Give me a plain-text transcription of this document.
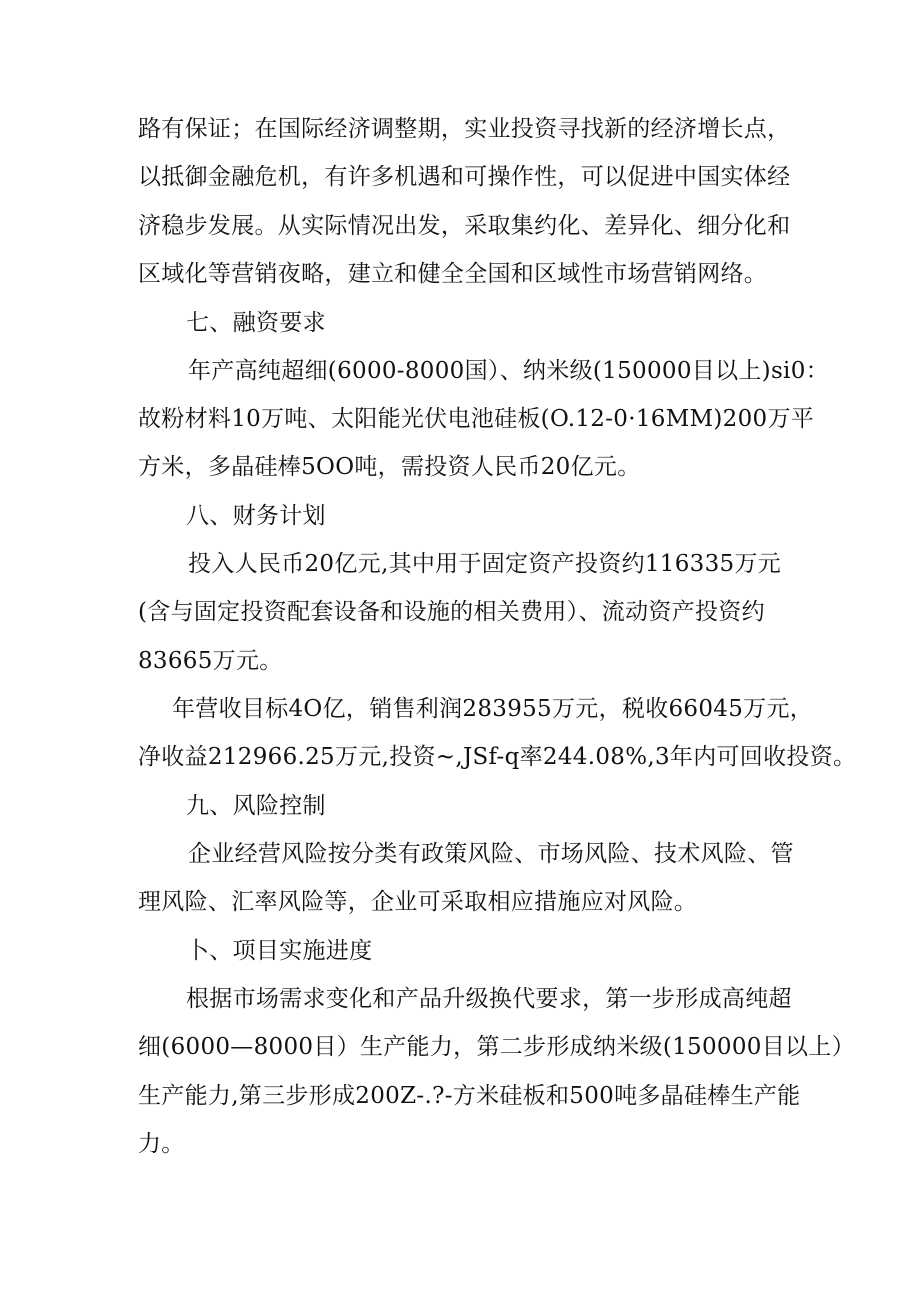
路有保证；在国际经济调整期，实业投资寻找新的经济增长点，
以抵御金融危机，有许多机遇和可操作性，可以促进中国实体经
济稳步发展。从实际情况出发，采取集约化、差异化、细分化和
区域化等营销夜略，建立和健全全国和区域性市场营销网络。
七、融资要求
年产高纯超细(6000-8000国）、纳米级(150000目以上)si0：
故粉材料10万吨、太阳能光伏电池硅板(O.12-0·16MM)200万平
方米，多晶硅棒5OO吨，需投资人民币20亿元。
八、财务计划
投入人民币20亿元,其中用于固定资产投资约116335万元
(含与固定投资配套设备和设施的相关费用）、流动资产投资约
83665万元。
年营收目标4O亿，销售利润283955万元，税收66045万元，
净收益212966.25万元,投资~,JSf-q率244.08%,3年内可回收投资。
九、风险控制
企业经营风险按分类有政策风险、市场风险、技术风险、管
理风险、汇率风险等，企业可采取相应措施应对风险。
卜、项目实施进度
根据市场需求变化和产品升级换代要求，第一步形成高纯超
细(6000—8000目）生产能力，第二步形成纳米级(150000目以上）
生产能力,第三步形成200Z-.?-方米硅板和500吨多晶硅棒生产能
力。
